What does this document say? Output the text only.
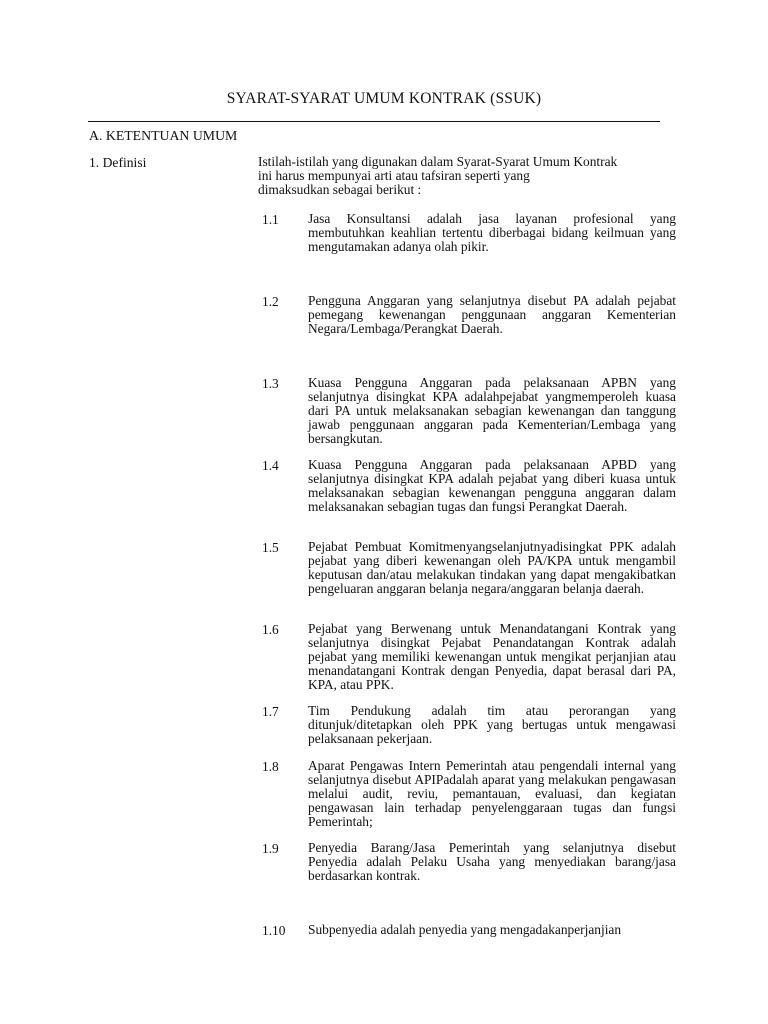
SYARAT-SYARAT UMUM KONTRAK (SSUK)
A. KETENTUAN UMUM
1. Definisi	Istilah-istilah yang digunakan dalam Syarat-Syarat Umum Kontrak
ini harus mempunyai arti atau tafsiran seperti yang
dimaksudkan sebagai berikut :
1.1	Jasa Konsultansi adalah jasa layanan profesional yang membutuhkan keahlian tertentu diberbagai bidang keilmuan yang mengutamakan adanya olah pikir.
1.2	Pengguna Anggaran yang selanjutnya disebut PA adalah pejabat pemegang kewenangan penggunaan anggaran Kementerian Negara/Lembaga/Perangkat Daerah.
1.3	Kuasa Pengguna Anggaran pada pelaksanaan APBN yang selanjutnya disingkat KPA adalahpejabat yangmemperoleh kuasa dari PA untuk melaksanakan sebagian kewenangan dan tanggung jawab penggunaan anggaran pada Kementerian/Lembaga yang bersangkutan.
1.4	Kuasa Pengguna Anggaran pada pelaksanaan APBD yang selanjutnya disingkat KPA adalah pejabat yang diberi kuasa untuk melaksanakan sebagian kewenangan pengguna anggaran dalam melaksanakan sebagian tugas dan fungsi Perangkat Daerah.
1.5	Pejabat Pembuat Komitmenyangselanjutnyadisingkat PPK adalah pejabat yang diberi kewenangan oleh PA/KPA untuk mengambil keputusan dan/atau melakukan tindakan yang dapat mengakibatkan pengeluaran anggaran belanja negara/anggaran belanja daerah.
1.6	Pejabat yang Berwenang untuk Menandatangani Kontrak yang selanjutnya disingkat Pejabat Penandatangan Kontrak adalah pejabat yang memiliki kewenangan untuk mengikat perjanjian atau menandatangani Kontrak dengan Penyedia, dapat berasal dari PA, KPA, atau PPK.
1.7	Tim Pendukung adalah tim atau perorangan yang ditunjuk/ditetapkan oleh PPK yang bertugas untuk mengawasi pelaksanaan pekerjaan.
1.8	Aparat Pengawas Intern Pemerintah atau pengendali internal yang selanjutnya disebut APIPadalah aparat yang melakukan pengawasan melalui audit, reviu, pemantauan, evaluasi, dan kegiatan pengawasan lain terhadap penyelenggaraan tugas dan fungsi Pemerintah;
1.9	Penyedia Barang/Jasa Pemerintah yang selanjutnya disebut Penyedia adalah Pelaku Usaha yang menyediakan barang/jasa berdasarkan kontrak.
1.10	Subpenyedia adalah penyedia yang mengadakanperjanjian
